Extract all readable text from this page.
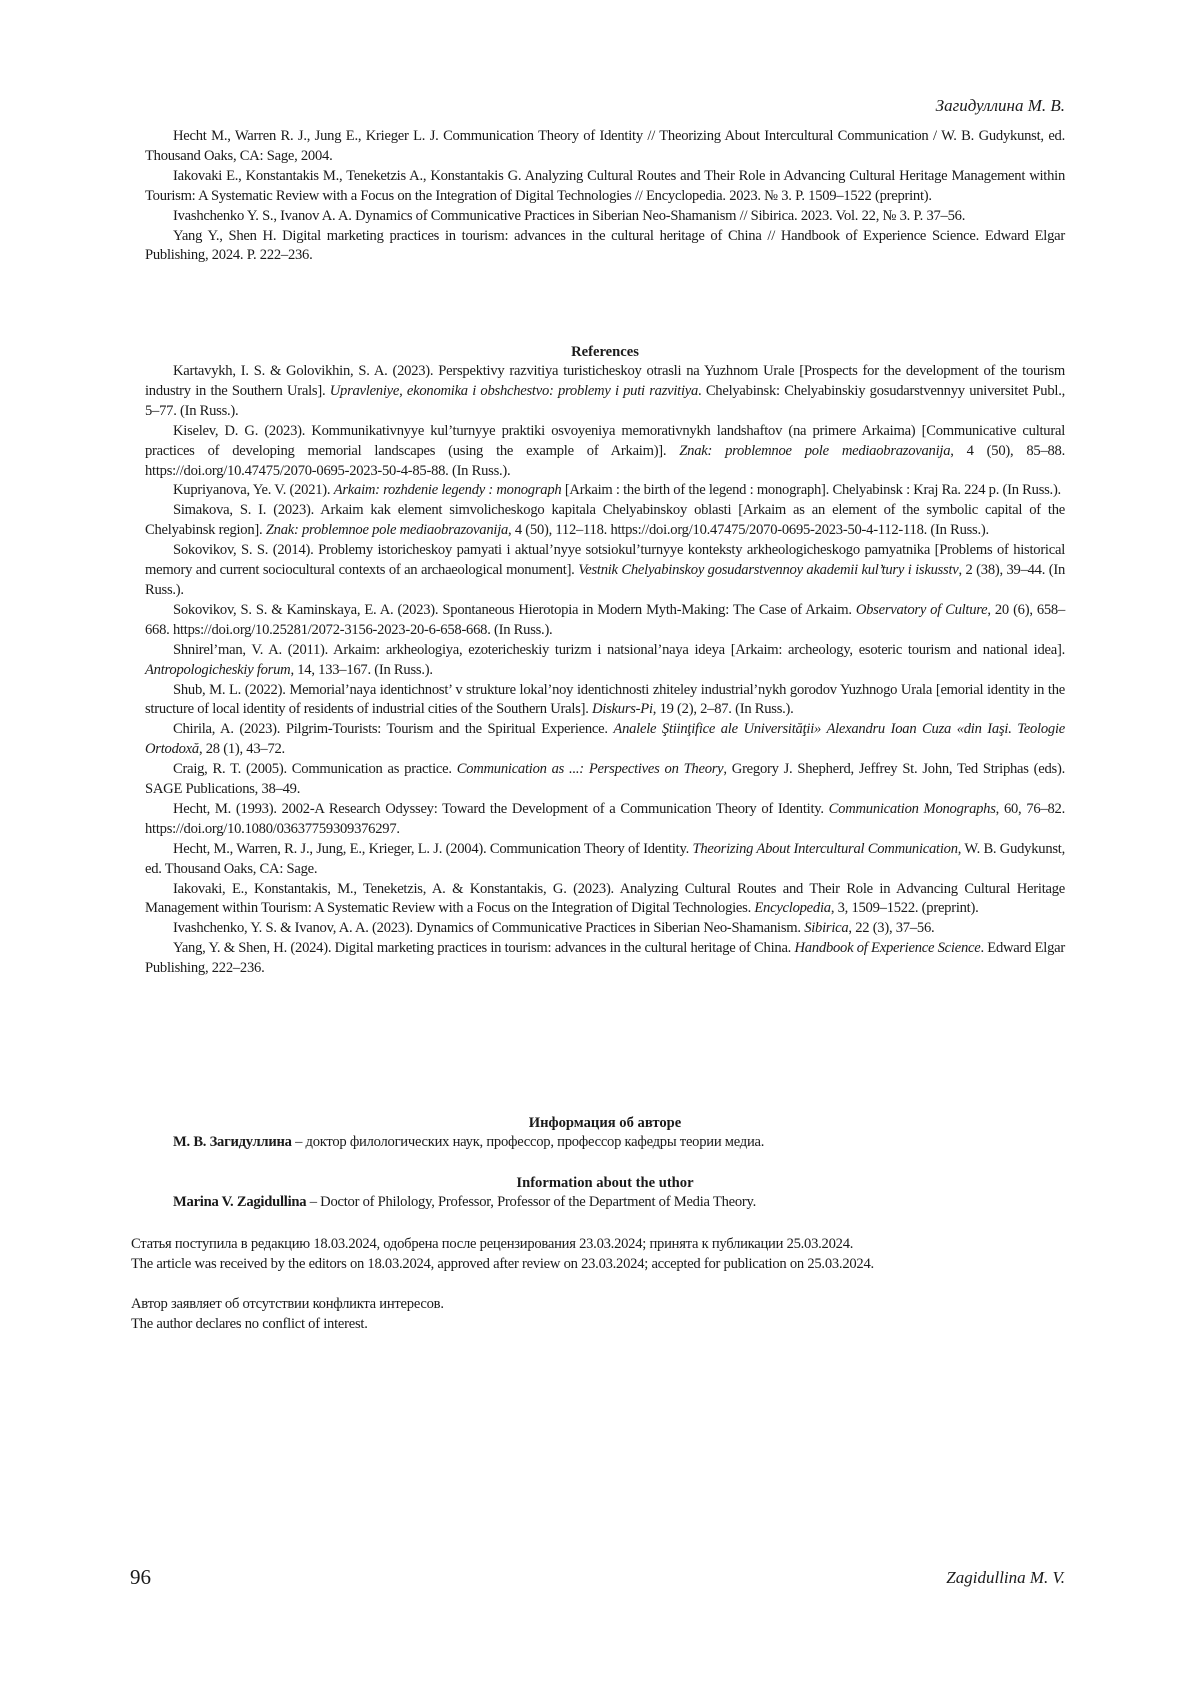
Загидуллина М. В.

Hecht M., Warren R. J., Jung E., Krieger L. J. Communication Theory of Identity // Theorizing About Intercultural Communication / W. B. Gudykunst, ed. Thousand Oaks, CA: Sage, 2004.

Iakovaki E., Konstantakis M., Teneketzis A., Konstantakis G. Analyzing Cultural Routes and Their Role in Advancing Cultural Heritage Management within Tourism: A Systematic Review with a Focus on the Integration of Digital Technologies // Encyclopedia. 2023. № 3. P. 1509–1522 (preprint).

Ivashchenko Y. S., Ivanov A. A. Dynamics of Communicative Practices in Siberian Neo-Shamanism // Sibirica. 2023. Vol. 22, № 3. P. 37–56.

Yang Y., Shen H. Digital marketing practices in tourism: advances in the cultural heritage of China // Handbook of Experience Science. Edward Elgar Publishing, 2024. P. 222–236.

References

Kartavykh, I. S. & Golovikhin, S. A. (2023). Perspektivy razvitiya turisticheskoy otrasli na Yuzhnom Urale [Prospects for the development of the tourism industry in the Southern Urals]. Upravleniye, ekonomika i obshchestvo: problemy i puti razvitiya. Chelyabinsk: Chelyabinskiy gosudarstvennyy universitet Publ., 5–77. (In Russ.).

Kiselev, D. G. (2023). Kommunikativnyye kul’turnyye praktiki osvoyeniya memorativnykh landshaftov (na primere Arkaima) [Communicative cultural practices of developing memorial landscapes (using the example of Arkaim)]. Znak: problemnoe pole mediaobrazovanija, 4 (50), 85–88. https://doi.org/10.47475/2070-0695-2023-50-4-85-88. (In Russ.).

Kupriyanova, Ye. V. (2021). Arkaim: rozhdenie legendy : monograph [Arkaim : the birth of the legend : monograph]. Chelyabinsk : Kraj Ra. 224 p. (In Russ.).

Simakova, S. I. (2023). Arkaim kak element simvolicheskogo kapitala Chelyabinskoy oblasti [Arkaim as an element of the symbolic capital of the Chelyabinsk region]. Znak: problemnoe pole mediaobrazovanija, 4 (50), 112–118. https://doi.org/10.47475/2070-0695-2023-50-4-112-118. (In Russ.).

Sokovikov, S. S. (2014). Problemy istoricheskoy pamyati i aktual’nyye sotsiokul’turnyye konteksty arkheologicheskogo pamyatnika [Problems of historical memory and current sociocultural contexts of an archaeological monument]. Vestnik Chelyabinskoy gosudarstvennoy akademii kul’tury i iskusstv, 2 (38), 39–44. (In Russ.).

Sokovikov, S. S. & Kaminskaya, E. A. (2023). Spontaneous Hierotopia in Modern Myth-Making: The Case of Arkaim. Observatory of Culture, 20 (6), 658–668. https://doi.org/10.25281/2072-3156-2023-20-6-658-668. (In Russ.).

Shnirel’man, V. A. (2011). Arkaim: arkheologiya, ezotericheskiy turizm i natsional’naya ideya [Arkaim: archeology, esoteric tourism and national idea]. Antropologicheskiy forum, 14, 133–167. (In Russ.).

Shub, M. L. (2022). Memorial’naya identichnost’ v strukture lokal’noy identichnosti zhiteley industrial’nykh gorodov Yuzhnogo Urala [emorial identity in the structure of local identity of residents of industrial cities of the Southern Urals]. Diskurs-Pi, 19 (2), 2–87. (In Russ.).

Chirila, A. (2023). Pilgrim-Tourists: Tourism and the Spiritual Experience. Analele Ştiinţifice ale Universităţii» Alexandru Ioan Cuza «din Iaşi. Teologie Ortodoxă, 28 (1), 43–72.

Craig, R. T. (2005). Communication as practice. Communication as ...: Perspectives on Theory, Gregory J. Shepherd, Jeffrey St. John, Ted Striphas (eds). SAGE Publications, 38–49.

Hecht, M. (1993). 2002-A Research Odyssey: Toward the Development of a Communication Theory of Identity. Communication Monographs, 60, 76–82. https://doi.org/10.1080/03637759309376297.

Hecht, M., Warren, R. J., Jung, E., Krieger, L. J. (2004). Communication Theory of Identity. Theorizing About Intercultural Communication, W. B. Gudykunst, ed. Thousand Oaks, CA: Sage.

Iakovaki, E., Konstantakis, M., Teneketzis, A. & Konstantakis, G. (2023). Analyzing Cultural Routes and Their Role in Advancing Cultural Heritage Management within Tourism: A Systematic Review with a Focus on the Integration of Digital Technologies. Encyclopedia, 3, 1509–1522. (preprint).

Ivashchenko, Y. S. & Ivanov, A. A. (2023). Dynamics of Communicative Practices in Siberian Neo-Shamanism. Sibirica, 22 (3), 37–56.

Yang, Y. & Shen, H. (2024). Digital marketing practices in tourism: advances in the cultural heritage of China. Handbook of Experience Science. Edward Elgar Publishing, 222–236.

Информация об авторе

М. В. Загидуллина – доктор филологических наук, профессор, профессор кафедры теории медиа.

Information about the uthor

Marina V. Zagidullina – Doctor of Philology, Professor, Professor of the Department of Media Theory.

Статья поступила в редакцию 18.03.2024, одобрена после рецензирования 23.03.2024; принята к публикации 25.03.2024.

The article was received by the editors on 18.03.2024, approved after review on 23.03.2024; accepted for publication on 25.03.2024.

Автор заявляет об отсутствии конфликта интересов.

The author declares no conflict of interest.

96	Zagidullina M. V.
